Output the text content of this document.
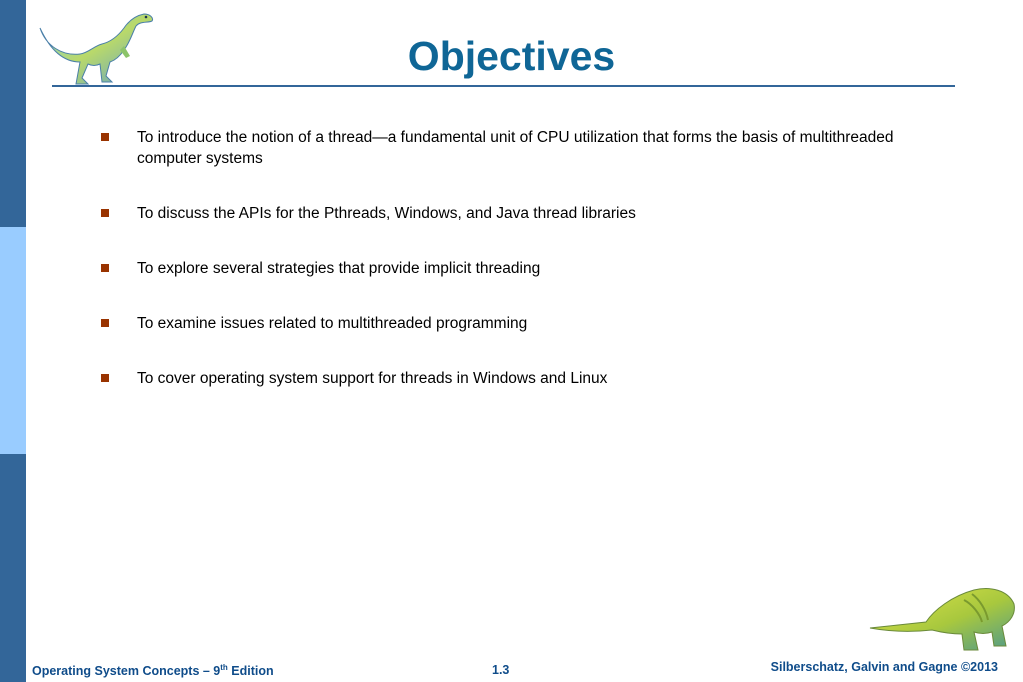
Objectives
To introduce the notion of a thread—a fundamental unit of CPU utilization that forms the basis of multithreaded computer systems
To discuss the APIs for the Pthreads, Windows, and Java thread libraries
To explore several strategies that provide implicit threading
To examine issues related to multithreaded programming
To cover operating system support for threads in Windows and Linux
Operating System Concepts – 9th Edition	1.3	Silberschatz, Galvin and Gagne ©2013
